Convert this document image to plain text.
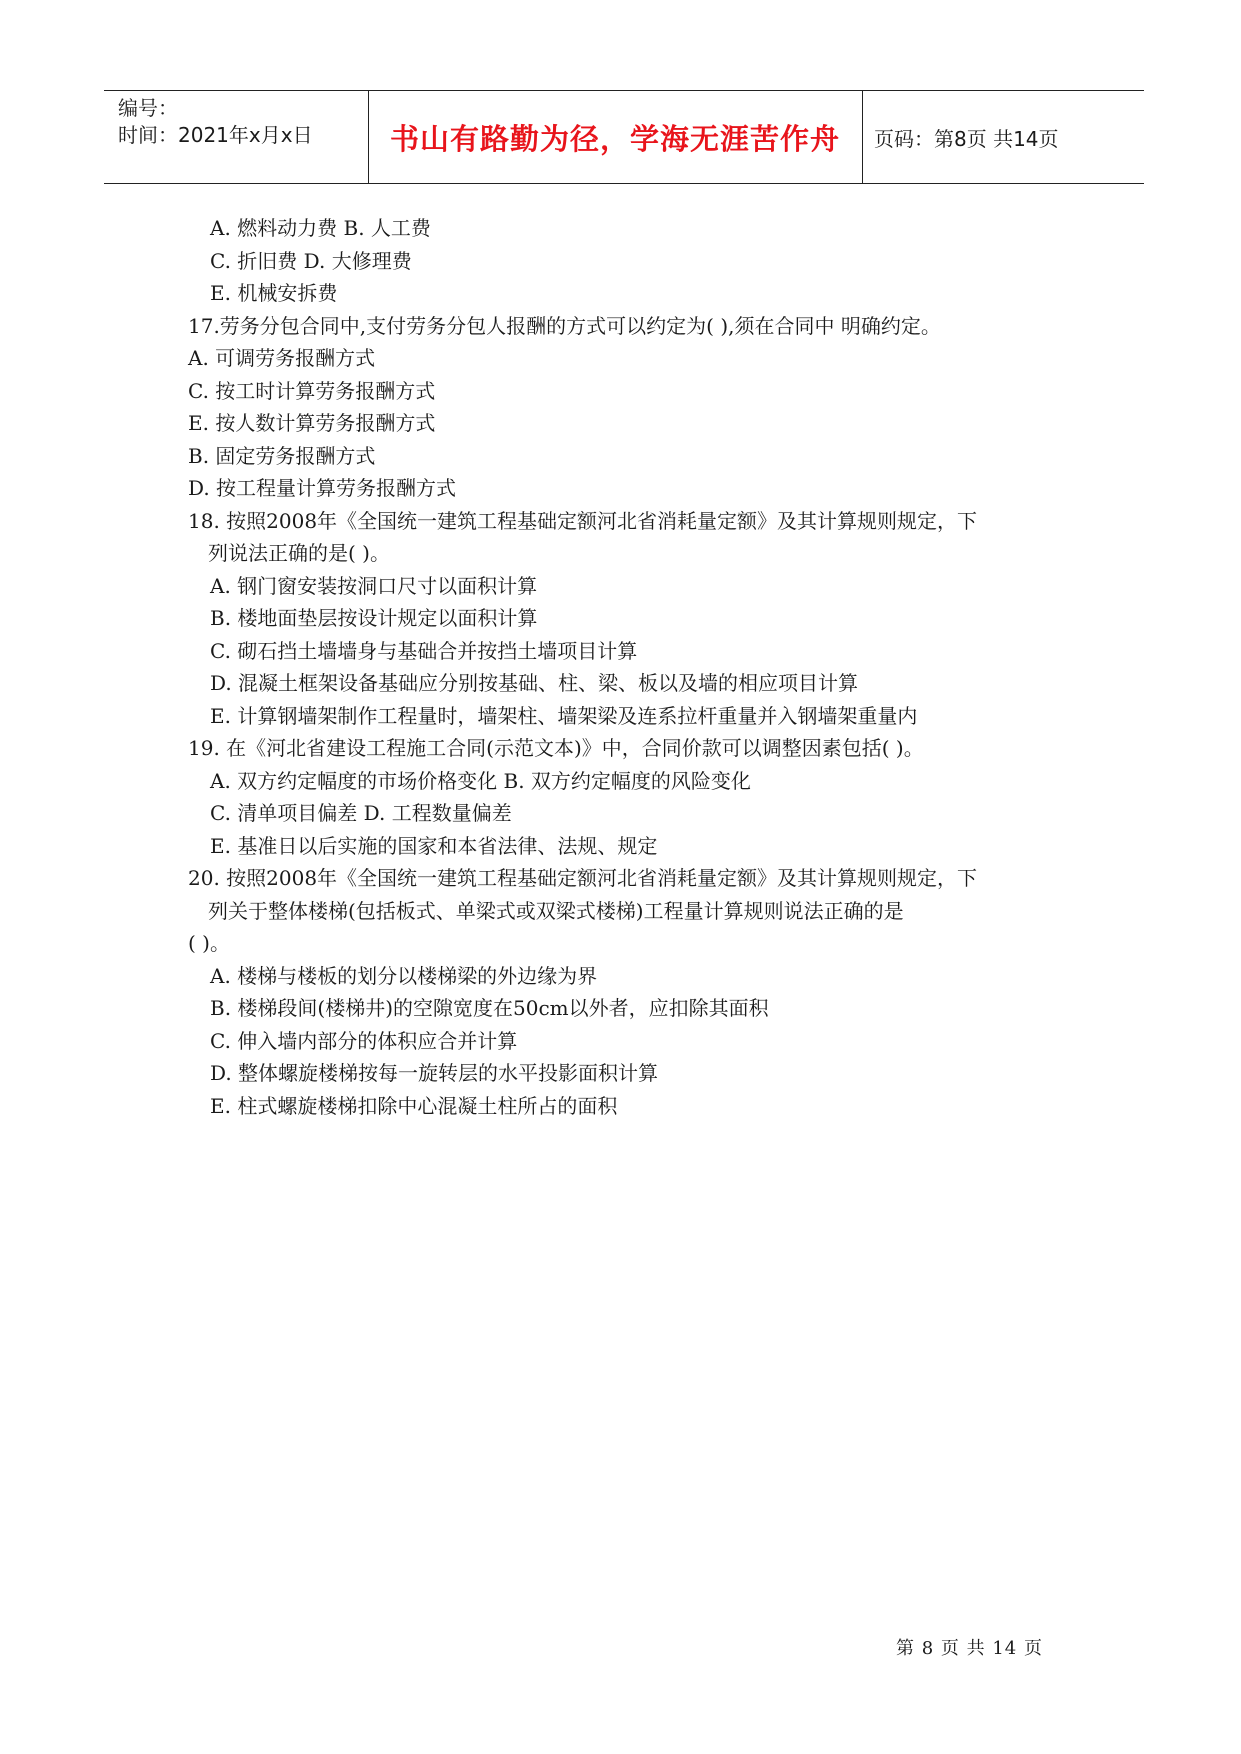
编号：
时间：2021年x月x日	书山有路勤为径，学海无涯苦作舟	页码：第8页 共14页
A. 燃料动力费 B. 人工费
C. 折旧费 D. 大修理费
E. 机械安拆费
17.劳务分包合同中,支付劳务分包人报酬的方式可以约定为( ),须在合同中 明确约定。
A. 可调劳务报酬方式
C. 按工时计算劳务报酬方式
E. 按人数计算劳务报酬方式
B. 固定劳务报酬方式
D. 按工程量计算劳务报酬方式
18. 按照2008年《全国统一建筑工程基础定额河北省消耗量定额》及其计算规则规定，下
列说法正确的是( )。
A. 钢门窗安装按洞口尺寸以面积计算
B. 楼地面垫层按设计规定以面积计算
C. 砌石挡土墙墙身与基础合并按挡土墙项目计算
D. 混凝土框架设备基础应分别按基础、柱、梁、板以及墙的相应项目计算
E. 计算钢墙架制作工程量时，墙架柱、墙架梁及连系拉杆重量并入钢墙架重量内
19. 在《河北省建设工程施工合同(示范文本)》中，合同价款可以调整因素包括( )。
A. 双方约定幅度的市场价格变化 B. 双方约定幅度的风险变化
C. 清单项目偏差 D. 工程数量偏差
E. 基准日以后实施的国家和本省法律、法规、规定
20. 按照2008年《全国统一建筑工程基础定额河北省消耗量定额》及其计算规则规定，下
列关于整体楼梯(包括板式、单梁式或双梁式楼梯)工程量计算规则说法正确的是
( )。
A. 楼梯与楼板的划分以楼梯梁的外边缘为界
B. 楼梯段间(楼梯井)的空隙宽度在50cm以外者，应扣除其面积
C. 伸入墙内部分的体积应合并计算
D. 整体螺旋楼梯按每一旋转层的水平投影面积计算
E. 柱式螺旋楼梯扣除中心混凝土柱所占的面积
第 8 页 共 14 页
